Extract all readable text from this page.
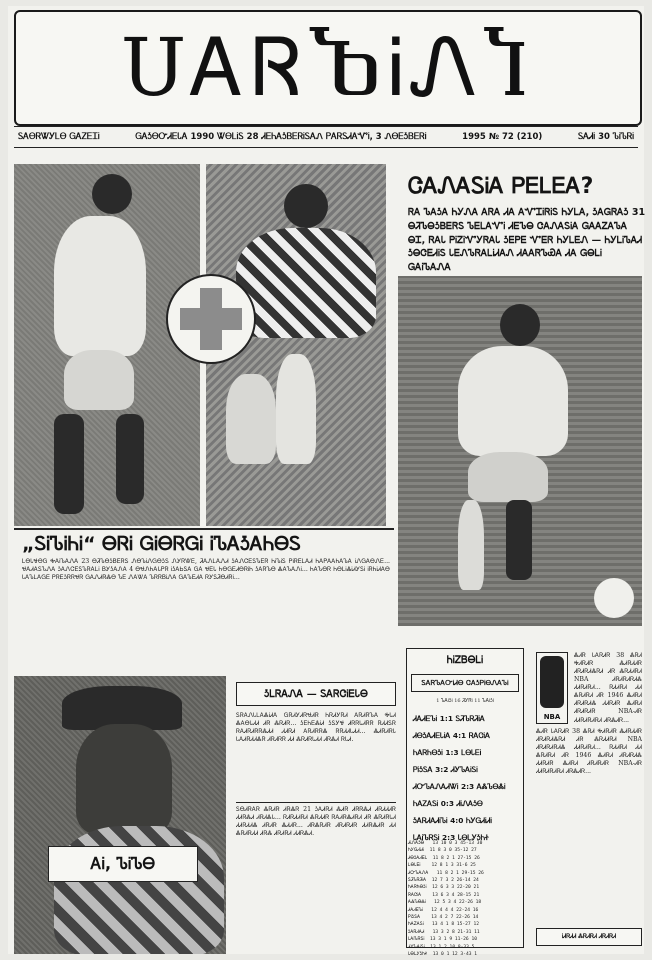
ՍᎪᏒႦᎥᏁႨ
ᏚᎪᎾᏒᏔᎩᏞᎾ ᏀᎪᏃᎬᏆᎥ	ᏀᎪᎼᎾᏅᏗᎬᏓᎪ 1990 ᏔᎾᏞᎥᏚ 28 ᏗᎬᏂᎪᎼᏴᎬᏒᎥᏚᎪᏁ ᏢᎪᏒᏚᏗᎪᏉᎥ, 3 ᏁᎾᎬᎼᏴᎬᏒᎥ	1995 № 72 (210)	ᏚᎪᏗᎥ 30 ᏖᎥᏖᏒᎥ
ᏣᎪᏁᎪᏚᎥᎪ ᏢᎬᏞᎬᎪ?
ᏒᎪ ᏖᎪᎼᎪ ᏂᎩᏁᎪ ᎪᏒᎪ ᏗᎪ ᎪᏉᏆᎥᏒᎥᏚ ᏂᎩᏞᎪ, ᎼᎪᏀᏒᎪᎼ 31 ᎾᏘᏖᎾᎼᏴᎬᏒᏚ ᏖᎬᏞᎪᏉᎥ ᏗᎬᏖᎾ ᏣᎪᏁᎪᏚᎥᎪ ᏀᎪᎪᏃᎪᏖᎪ ᎾᏆ, ᏒᎪᏓ ᏢᎥᏃᎥᏉᎩᏒᎪᏓ ᎼᎬᏢᎬ ᏉᎬᏒ ᏂᎩᏞᎬᏁ — ᏂᎩᏞᎥᏖᎪᏗ ᎼᎾᏣᎬᏗᎥᏚ ᏓᎬᏁᏖᏒᎪᏞᎥᏗᎪᏁ ᏗᎪᎪᏒᏖᏯᎪ ᏗᎪ ᏀᎾᏞᎥ ᏀᎪᎥᏖᎪᏁᎪ
„ᏚᎥᏖᎥᏂᎥ“ ᎾᏒᎥ ᏀᎥᎾᏒᏀᎥ ᎥᏖᎪᎼᎪᏂᎾᏚ
ᏞᎾᏓᏠᎾᏀ ᎭᎪᎥᏖᎪᏁᎪ 23 ᎾᏘᏖᎾᎼᏴᎬᏒᏚ ᏁᎾᏖᎥᏁᏀᎾᎼᏚ ᏁᎩᏒᏔᎬ, ᏘᎪᏁᏞᎪᏁᏗ ᎼᎪᏁᏣᎬᏚᏖᎬᏒ ᏂᎥᏖᎥᏚ ᏢᎥᏒᎬᏞᎪᏗ ᏂᎪᏢᎪᎪᏂᎪᏖᎪ ᎥᏁᏀᎪᎾᏁᎬ... ᏠᎪᏗᎪᏚᏖᏁᎪ ᎼᎪᏁᏣᎬᏚᏖᏒᎪᏞᎥ ᏴᎩᎼᎪᏁᎪ 4 ᎾᏠᏁᏂᎪᏓᏢᏒ ᎥᎼᎪᏏᏚᎪ ᏀᎪ ᏠᎬᏓ ᏂᎾᏀᎬᏗᎾᏒᎥᏂ ᎼᎪᏒᏖᎾ ᏜᎪᏖᎪᏁᎥ... ᏂᎪᏖᎾᏒ ᏂᎾᏞᎥᏜᎥᏗᎩᏚᎥ ᎥᏒᏂᎥᏗᎪᎾ ᏓᎪᏖᏞᎪᏀᎬ ᏢᏒᎬᎼᏒᏒᏠᏒ ᏀᎪᏁᏗᏒᏜᎾ ᏖᎬ ᏁᎪᏔᎪ ᏖᏒᏒᏴᎥᏁᎪ ᏀᎪᏖᎬᏗᎪ ᏒᎩᏚᏘᎾᏗᏒᎥ...
ᎪᎥ, ᏖᎥᏖᎾ
ᎼᏞᏒᎪᏁᎪ — ᏚᎪᏒᏣᎥᎬᏓᎾ
ᏚᏒᎪᏁᏓᏞᎪᏜᎥᏗᎪ ᏀᏒᏗᎩᏗᏒᏠᏗᏒ ᏂᏒᏗᎩᏒᏗ ᎪᏒᏗᏒᏖᎪ ᎭᏓᏗ ᏜᎪᎾᏓᏗᏗ ᏗᏒ ᏜᏒᏗᏒ... ᎼᎬᏂᎬᏜᎥᏗ ᎼᏚᎩᏠ ᏗᏒᏒᏓᏗᏒᏒ ᏒᏗᏗᏚᏒ ᏒᎪᏗᏒᏗᏒᏒᏜᏗᏗ ᏗᏗᏒᏗ ᎪᏒᏗᏒᏒᏜ ᏒᏒᏗᏗᏓᏗᏗ... ᏜᏗᏒᏗᏒᏓ ᏓᎪᏗᏒᏗᏗᏜᏒ ᏗᏒᏗᏒᏒ ᏗᏗ ᏜᏒᏗᏒᏓᏗᏗ ᏗᏒᏜᏗ ᏒᏓᏗ.
ᏚᎾᏗᏒᎪᏒ ᏜᏒᏗᏒ ᏗᏒᏜᏒ 21 ᎼᎪᏗᏒᏗ ᏜᏗᏒ ᏗᏒᏒᏜᏗ ᏗᏒᏗᏗᏗᏒ ᏗᏗᏒᏜᏗ ᏗᏒᏗᏜᏓ... ᏒᏗᏒᏗᏗᏒᏗ ᏜᏒᏗᏗᏒ ᏒᎪᏗᏒᏜᏗᏒᏗ ᏗᏒ ᏜᏒᏗᏒᏓᏗ ᏗᏗᏒᏗᏗᏜ ᏗᏒᏗᏒ ᏜᏗᏗᏒ... ᏗᏒᏜᏒᏗᏒ ᏗᏒᏗᏒᏗᏒ ᏗᏗᏒᏜᏗᏒ ᏗᏗ ᏜᏒᏗᏒᏗᏗ ᏗᏒᏜ ᏗᏒᏗᏒᏗ ᏗᏗᏒᏜᏗ.
ᏂᎥᏃᏴᎾᏞᎥ
ᏚᎪᏒᏖᎪᏅᎥᏗᎾ ᏣᎪᎼᏢᎥᎾᏁᎪᏖᎥ
1 ᏖᎪᎥᎼᎥ 16 ᏘᎩᏒᎥ 11 ᏖᎪᎥᎼᎥ
ᏗᎪᏗᎬᏖᎥ 1:1 ᏚᏘᏖᏒᏘᎥᎪ
ᏗᎾᎼᎪᏗᎬᏓᎥᎪ 4:1 ᏒᎪᏣᎥᎪ
ᏂᎪᏒᏂᎾᎼᎥ 1:3 ᏞᎾᏓᎬᎥ
ᏢᎥᎼᏚᎪ 3:2 ᏗᎩᏖᎪᎥᏚᎥ
ᏗᏅᏖᎪᏁᎪᏗᏔᎥ 2:3 ᎪᏜᏖᎾᏜᎥ
ᏂᎪᏃᎪᏚᎥ 0:3 ᏗᎥᏁᎪᎼᎾ
ᎼᎪᏒᏗᎪᏗᎥᏖᎥ 4:0 ᏂᎩᏀᏗᎥᏗᎥ
ᏓᎪᎥᏖᏒᏚᎥ 2:3 ᏓᎾᏞᎩᎼᏂᏐ
ᏗᎥᏁᎪᎼᎾ   13 10 0 3 45-13 30
ᏂᎩᏀᏗᎥᏗᎥ  11 8 3 0 35-12 27
ᏗᎾᎼᎪᏗᎬᏓ  11 8 2 1 27-15 26
ᏞᎾᏓᎬᎥ    12 8 1 3 31-6 25
ᏗᏅᏖᎪᏁᎪ   11 8 2 1 29-15 26
ᏚᏘᏖᏒᏘᎥᎪ  12 7 3 2 26-14 24
ᏂᎪᏒᏂᎾᎼᎥ  12 6 3 3 22-20 21
ᏒᎪᏣᎥᎪ    13 6 3 4 28-15 21
ᎪᏜᏖᎾᏜᎥ   12 5 3 4 22-26 18
ᏗᎪᏗᎬᏖᎥ   12 4 4 4 22-24 16
ᏢᎥᎼᏚᎪ    13 4 2 7 22-26 14
ᏂᎪᏃᎪᏚᎥ   13 4 1 8 15-27 12
ᎼᎪᏒᏗᎪᏗ   13 3 2 8 21-31 11
ᏓᎪᎥᏖᏒᏚᎥ  13 3 1 9 11-26 10
ᏗᎩᏖᎪᎥᏚᎥ  13 1 2 10 8-33 5
ᏓᎾᏞᎩᎼᏂᏐ  13 0 1 12 3-43 1
NBA
ᏜᏗᏒ ᏓᎪᏒᏗᏒ 38 ᏜᏒᏗ ᎭᏗᏒᏗᏒ ᏜᏗᏒᏗᏗᏒ ᏗᏒᏗᏒᏗᏜᏒᏗ ᏗᏒ ᏜᏒᏗᏗᏒᏗ NBA ᏗᏒᏗᏒᏗᏒᏗᏜ ᏗᏗᏒᏗᏒᏗ... ᏒᏗᏗᏒᏗ ᏗᏗ ᏜᏒᏗᏒᏗ ᏗᏒ 1946 ᏜᏗᏒᏗ ᏗᏒᏗᏒᏗᏜ ᏗᏗᏒᏗᏒ ᏜᏗᏒᏗ ᏗᏒᏗᏒᏗᏒ NBA-ᏗᏒ ᏗᏗᏒᏗᏒᏗᏒᏗ ᏗᏒᏜᏗᏒ...
ᏜᏗᏒ ᏓᎪᏒᏗᏒ 38 ᏜᏒᏗ ᎭᏗᏒᏗᏒ ᏜᏗᏒᏗᏗᏒ ᏗᏒᏗᏒᏗᏜᏒᏗ ᏗᏒ ᏜᏒᏗᏗᏒᏗ NBA ᏗᏒᏗᏒᏗᏒᏗᏜ ᏗᏗᏒᏗᏒᏗ... ᏒᏗᏗᏒᏗ ᏗᏗ ᏜᏒᏗᏒᏗ ᏗᏒ 1946 ᏜᏗᏒᏗ ᏗᏒᏗᏒᏗᏜ ᏗᏗᏒᏗᏒ ᏜᏗᏒᏗ ᏗᏒᏗᏒᏗᏒ NBA-ᏗᏒ ᏗᏗᏒᏗᏒᏗᏒᏗ ᏗᏒᏜᏗᏒ...
ᎥᏗᏒᏗᏗ ᏜᏒᏗᏒᏗ ᏗᏒᏗᏒᏗ
